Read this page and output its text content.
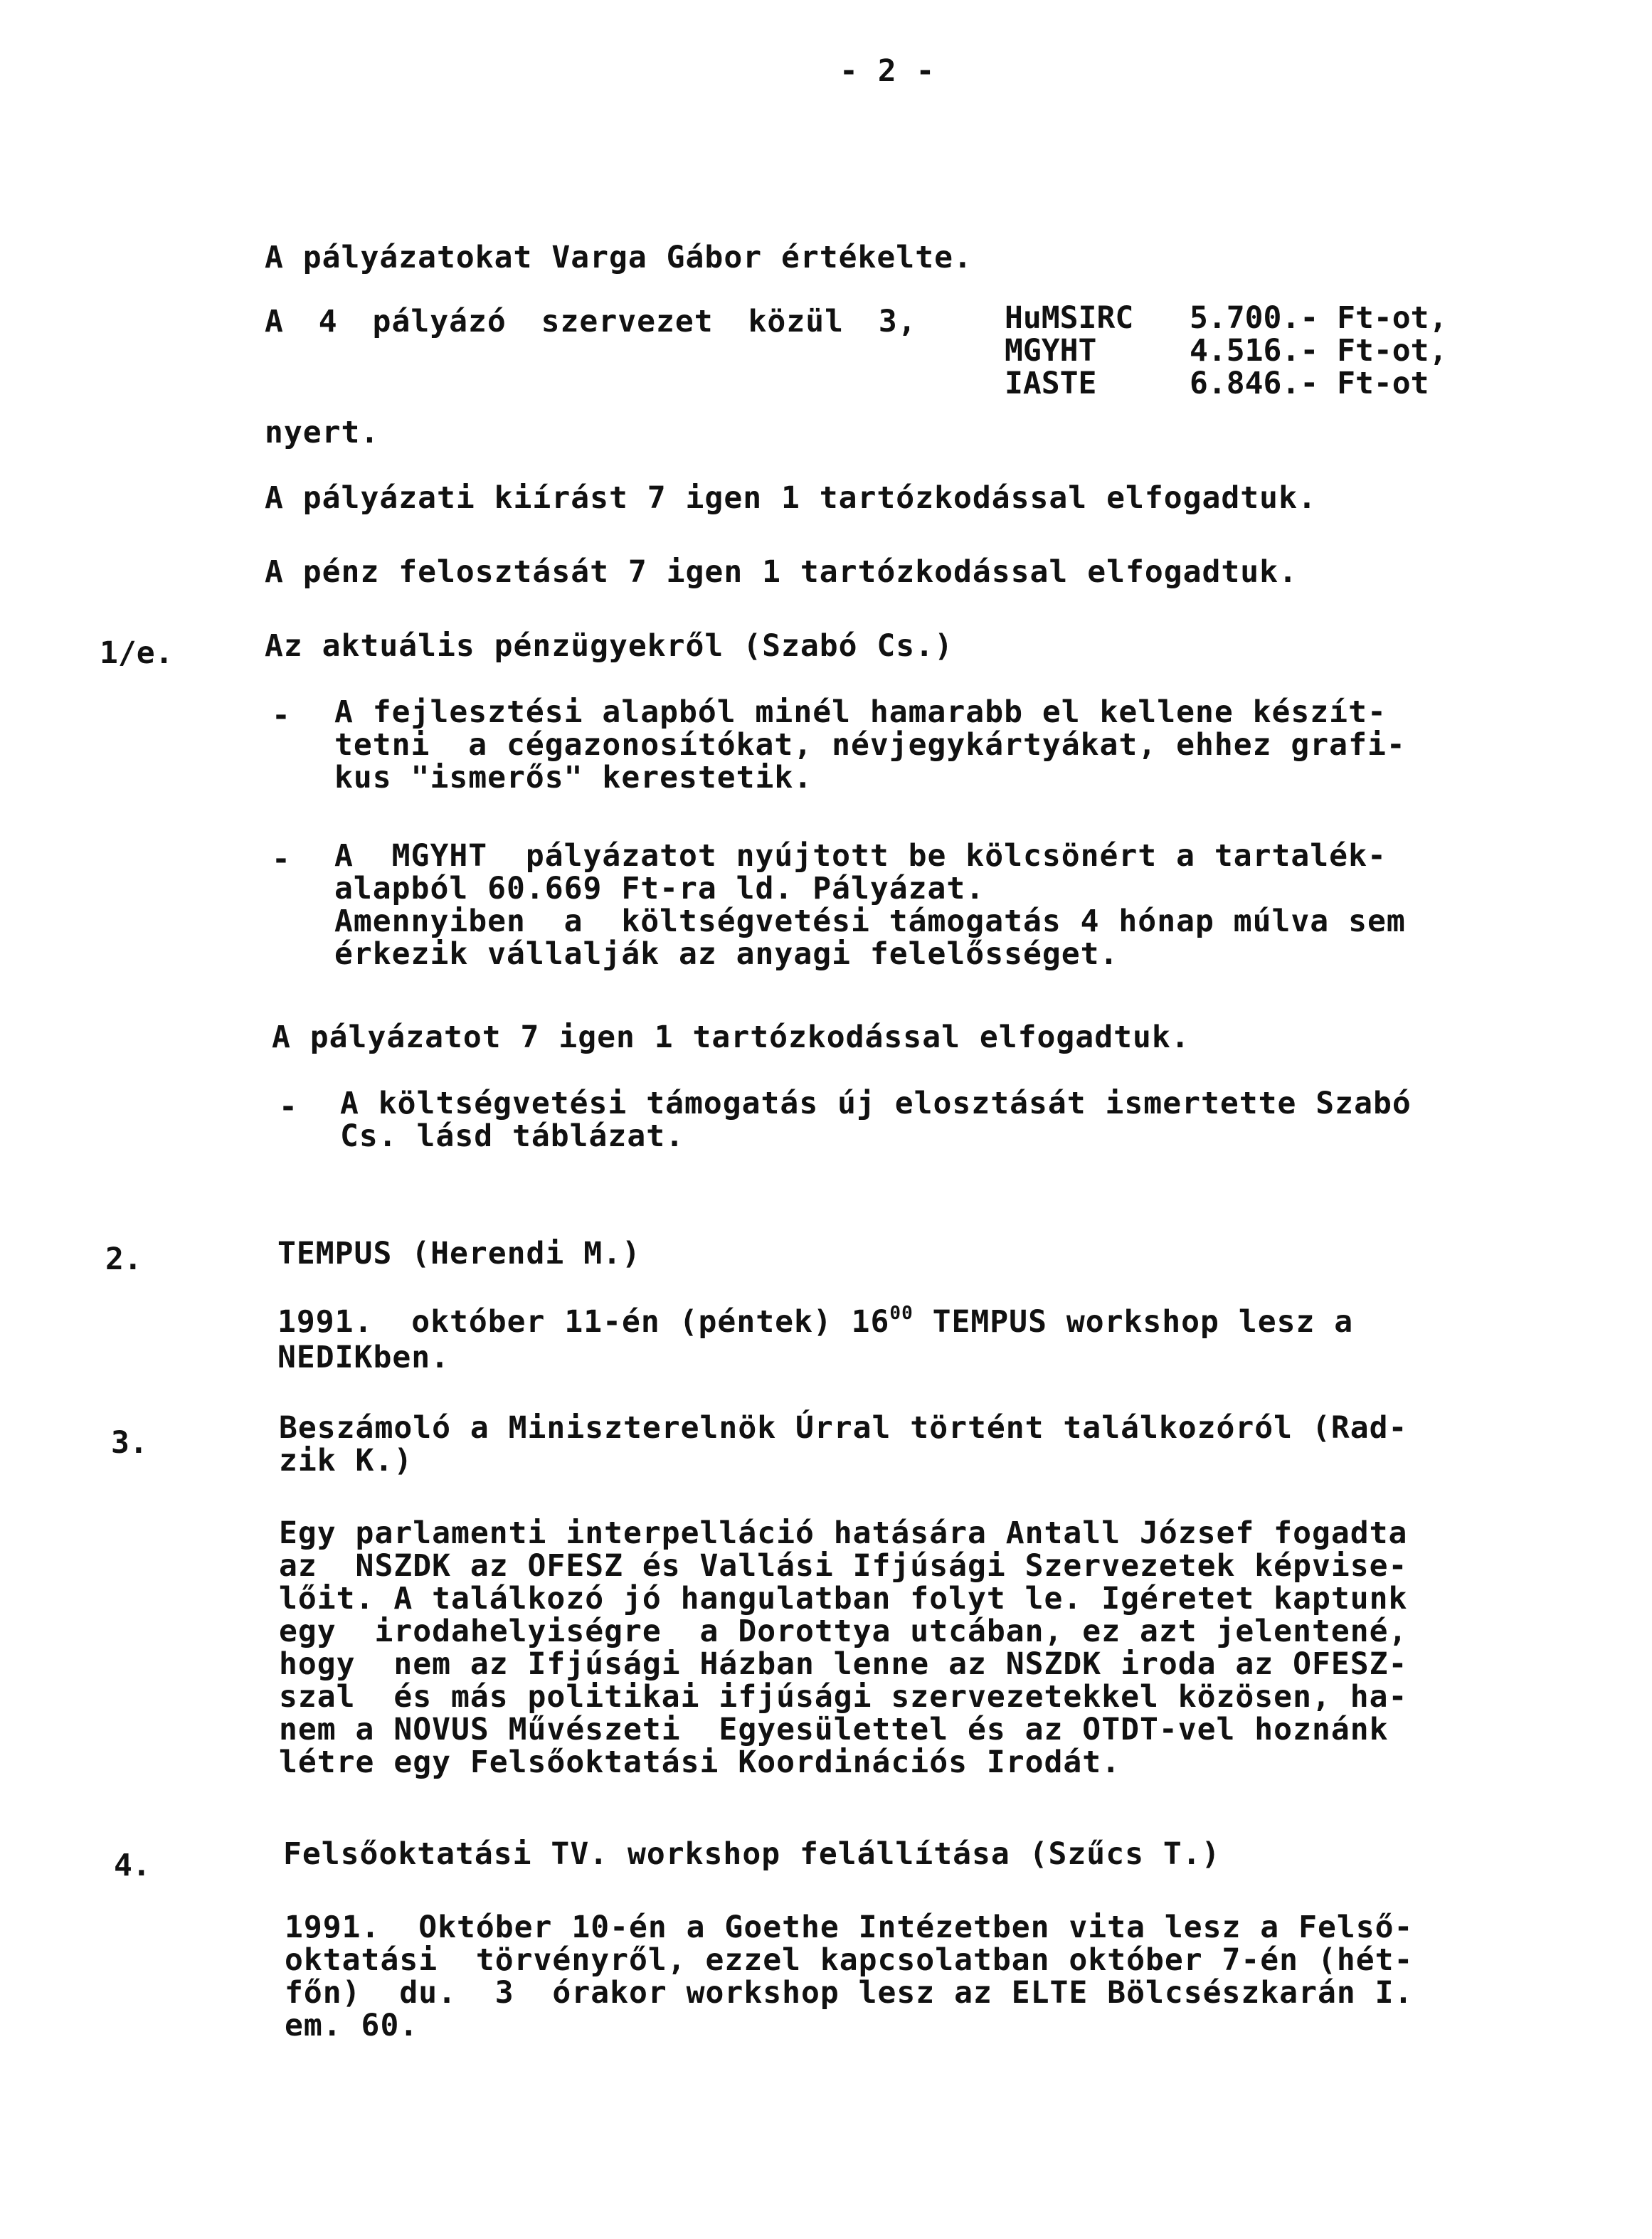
- 2 -
A pályázatokat Varga Gábor értékelte.
A 4 pályázó szervezet közül 3,	HuMSIRC	5.700.- Ft-ot,
MGYHT	4.516.- Ft-ot,
IASTE	6.846.- Ft-ot
nyert.
A pályázati kiírást 7 igen 1 tartózkodással elfogadtuk.
A pénz felosztását 7 igen 1 tartózkodással elfogadtuk.
1/e.	Az aktuális pénzügyekről (Szabó Cs.)
- A fejlesztési alapból minél hamarabb el kellene készít-
tetni  a cégazonosítókat, névjegykártyákat, ehhez grafi-
kus "ismerős" kerestetik.
- A  MGYHT  pályázatot nyújtott be kölcsönért a tartalék-
alapból 60.669 Ft-ra ld. Pályázat.
Amennyiben  a  költségvetési támogatás 4 hónap múlva sem
érkezik vállalják az anyagi felelősséget.
A pályázatot 7 igen 1 tartózkodással elfogadtuk.
- A költségvetési támogatás új elosztását ismertette Szabó
Cs. lásd táblázat.
2.	TEMPUS (Herendi M.)
1991.  október 11-én (péntek) $16^{00}$ TEMPUS workshop lesz a
NEDIKben.
3.	Beszámoló a Miniszterelnök Úrral történt találkozóról (Rad-
zik K.)
Egy parlamenti interpelláció hatására Antall József fogadta
az  NSZDK az OFESZ és Vallási Ifjúsági Szervezetek képvise-
lőit. A találkozó jó hangulatban folyt le. Igéretet kaptunk
egy  irodahelyiségre  a Dorottya utcában, ez azt jelentené,
hogy  nem az Ifjúsági Házban lenne az NSZDK iroda az OFESZ-
szal  és más politikai ifjúsági szervezetekkel közösen, ha-
nem a NOVUS Művészeti  Egyesülettel és az OTDT-vel hoznánk
létre egy Felsőoktatási Koordinációs Irodát.
4.	Felsőoktatási TV. workshop felállítása (Szűcs T.)
1991.  Október 10-én a Goethe Intézetben vita lesz a Felső-
oktatási  törvényről, ezzel kapcsolatban október 7-én (hét-
főn)  du.  3  órakor workshop lesz az ELTE Bölcsészkarán I.
em. 60.
